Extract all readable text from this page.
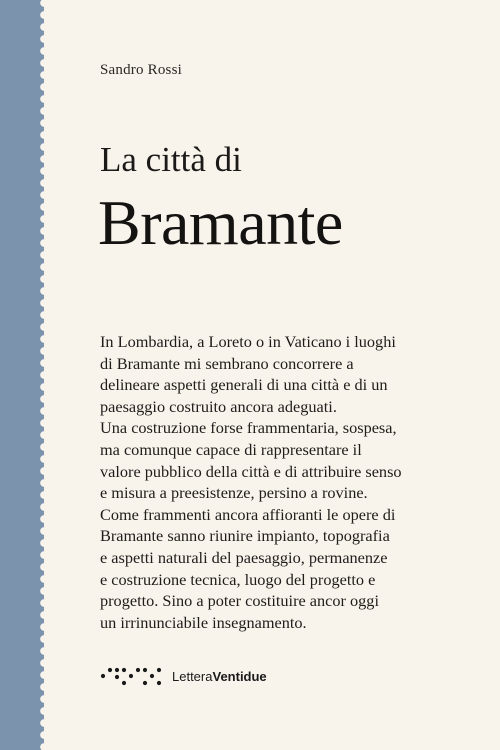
Sandro Rossi
La città di
Bramante
In Lombardia, a Loreto o in Vaticano i luoghi
di Bramante mi sembrano concorrere a
delineare aspetti generali di una città e di un
paesaggio costruito ancora adeguati.
Una costruzione forse frammentaria, sospesa,
ma comunque capace di rappresentare il
valore pubblico della città e di attribuire senso
e misura a preesistenze, persino a rovine.
Come frammenti ancora affioranti le opere di
Bramante sanno riunire impianto, topografia
e aspetti naturali del paesaggio, permanenze
e costruzione tecnica, luogo del progetto e
progetto. Sino a poter costituire ancor oggi
un irrinunciabile insegnamento.
LetteraVentidue
